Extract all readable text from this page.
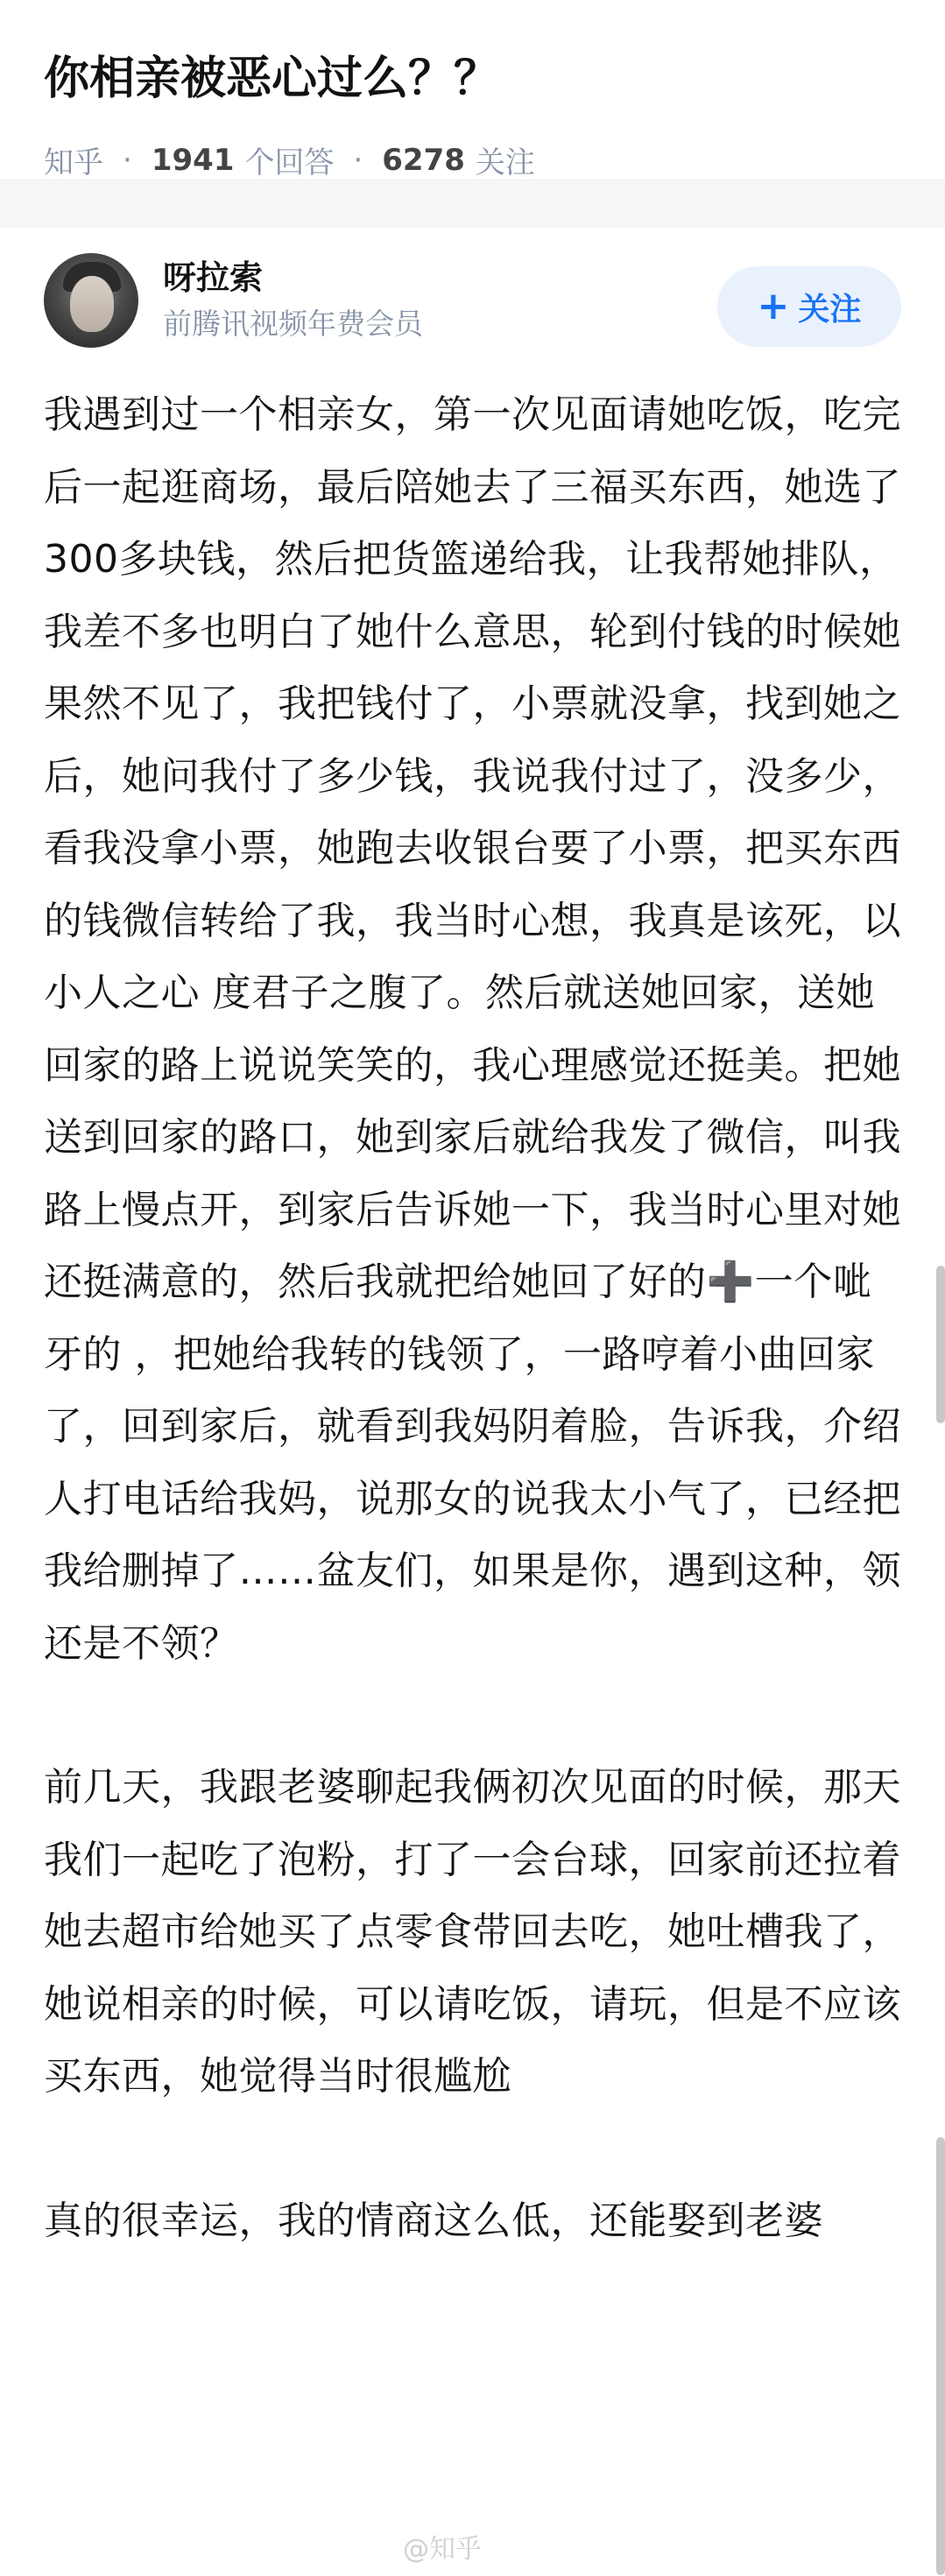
你相亲被恶心过么？？
知乎 · 1941 个回答 · 6278 关注
呀拉索
前腾讯视频年费会员	+ 关注

我遇到过一个相亲女，第一次见面请她吃饭，吃完后一起逛商场，最后陪她去了三福买东西，她选了300多块钱，然后把货篮递给我，让我帮她排队，我差不多也明白了她什么意思，轮到付钱的时候她果然不见了，我把钱付了，小票就没拿，找到她之后，她问我付了多少钱，我说我付过了，没多少，看我没拿小票，她跑去收银台要了小票，把买东西的钱微信转给了我，我当时心想，我真是该死，以小人之心 度君子之腹了。然后就送她回家，送她回家的路上说说笑笑的，我心理感觉还挺美。把她送到回家的路口，她到家后就给我发了微信，叫我路上慢点开，到家后告诉她一下，我当时心里对她还挺满意的，然后我就把给她回了好的➕一个呲牙的 ，把她给我转的钱领了，一路哼着小曲回家了，回到家后，就看到我妈阴着脸，告诉我，介绍人打电话给我妈，说那女的说我太小气了，已经把我给删掉了……盆友们，如果是你，遇到这种，领还是不领？

前几天，我跟老婆聊起我俩初次见面的时候，那天我们一起吃了泡粉，打了一会台球，回家前还拉着她去超市给她买了点零食带回去吃，她吐槽我了，她说相亲的时候，可以请吃饭，请玩，但是不应该买东西，她觉得当时很尴尬

真的很幸运，我的情商这么低，还能娶到老婆

@知乎
